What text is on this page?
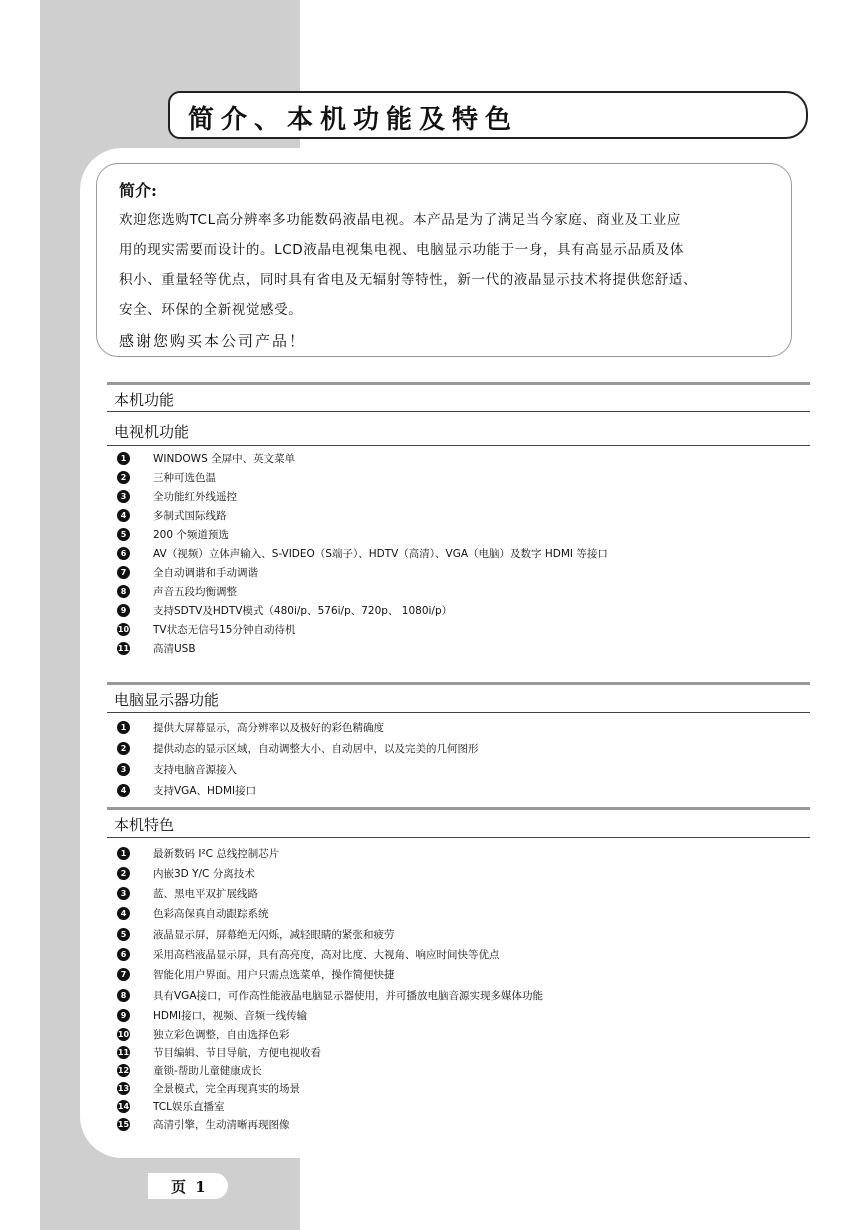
简介、本机功能及特色
简介:
欢迎您选购TCL高分辨率多功能数码液晶电视。本产品是为了满足当今家庭、商业及工业应
用的现实需要而设计的。LCD液晶电视集电视、电脑显示功能于一身，具有高显示品质及体
积小、重量轻等优点，同时具有省电及无辐射等特性，新一代的液晶显示技术将提供您舒适、
安全、环保的全新视觉感受。
感谢您购买本公司产品！
本机功能
电视机功能
1	WINDOWS 全屏中、英文菜单
2	三种可选色温
3	全功能红外线遥控
4	多制式国际线路
5	200 个频道预选
6	AV（视频）立体声输入、S-VIDEO（S端子）、HDTV（高清）、VGA（电脑）及数字 HDMI 等接口
7	全自动调谐和手动调谐
8	声音五段均衡调整
9	支持SDTV及HDTV模式（480i/p、576i/p、720p、 1080i/p）
10 TV状态无信号15分钟自动待机
11 高清USB
电脑显示器功能
1	提供大屏幕显示，高分辨率以及极好的彩色精确度
2	提供动态的显示区域，自动调整大小、自动居中，以及完美的几何图形
3	支持电脑音源接入
4	支持VGA、HDMI接口
本机特色
1	最新数码 I²C 总线控制芯片
2	内嵌3D Y/C 分离技术
3	蓝、黑电平双扩展线路
4	色彩高保真自动跟踪系统
5	液晶显示屏，屏幕绝无闪烁，减轻眼睛的紧张和疲劳
6	采用高档液晶显示屏，具有高亮度，高对比度、大视角、响应时间快等优点
7	智能化用户界面。用户只需点选菜单，操作简便快捷
8	具有VGA接口，可作高性能液晶电脑显示器使用，并可播放电脑音源实现多媒体功能
9	HDMI接口，视频、音频一线传输
10 独立彩色调整，自由选择色彩
11 节目编辑、节目导航，方便电视收看
12 童锁-帮助儿童健康成长
13 全景模式，完全再现真实的场景
14 TCL娱乐直播室
15 高清引擎，生动清晰再现图像
页 1
